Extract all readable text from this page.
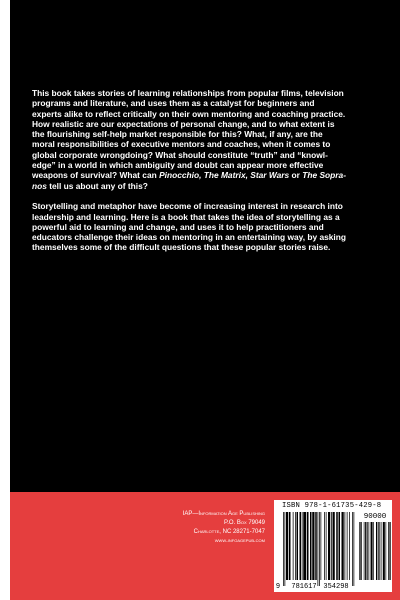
This book takes stories of learning relationships from popular films, television
programs and literature, and uses them as a catalyst for beginners and
experts alike to reflect critically on their own mentoring and coaching practice.
How realistic are our expectations of personal change, and to what extent is
the flourishing self-help market responsible for this? What, if any, are the
moral responsibilities of executive mentors and coaches, when it comes to
global corporate wrongdoing? What should constitute “truth” and “knowl-
edge” in a world in which ambiguity and doubt can appear more effective
weapons of survival? What can Pinocchio, The Matrix, Star Wars or The Sopra-
nos tell us about any of this?
Storytelling and metaphor have become of increasing interest in research into
leadership and learning. Here is a book that takes the idea of storytelling as a
powerful aid to learning and change, and uses it to help practitioners and
educators challenge their ideas on mentoring in an entertaining way, by asking
themselves some of the difficult questions that these popular stories raise.
IAP—Information Age Publishing
P.O. Box 79049
Charlotte, NC 28271-7047
www.infoagepub.com
ISBN 978-1-61735-429-8
90000
9 781617 354298
